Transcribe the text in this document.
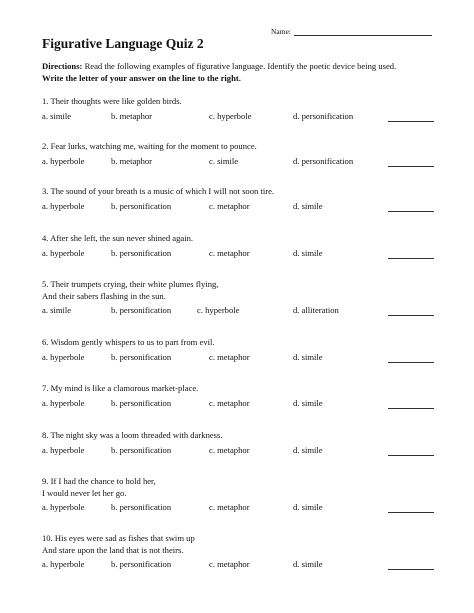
Name:
Figurative Language Quiz 2

Directions: Read the following examples of figurative language. Identify the poetic device being used.
Write the letter of your answer on the line to the right.

1. Their thoughts were like golden birds.
a. simile	b. metaphor	c. hyperbole	d. personification
2. Fear lurks, watching me, waiting for the moment to pounce.
a. hyperbole	b. metaphor	c. simile	d. personification
3. The sound of your breath is a music of which I will not soon tire.
a. hyperbole	b. personification	c. metaphor	d. simile
4. After she left, the sun never shined again.
a. hyperbole	b. personification	c. metaphor	d. simile
5. Their trumpets crying, their white plumes flying,
And their sabers flashing in the sun.
a. simile	b. personification	c. hyperbole	d. alliteration
6. Wisdom gently whispers to us to part from evil.
a. hyperbole	b. personification	c. metaphor	d. simile
7. My mind is like a clamorous market-place.
a. hyperbole	b. personification	c. metaphor	d. simile
8. The night sky was a loom threaded with darkness.
a. hyperbole	b. personification	c. metaphor	d. simile
9. If I had the chance to hold her,
I would never let her go.
a. hyperbole	b. personification	c. metaphor	d. simile
10. His eyes were sad as fishes that swim up
And stare upon the land that is not theirs.
a. hyperbole	b. personification	c. metaphor	d. simile
